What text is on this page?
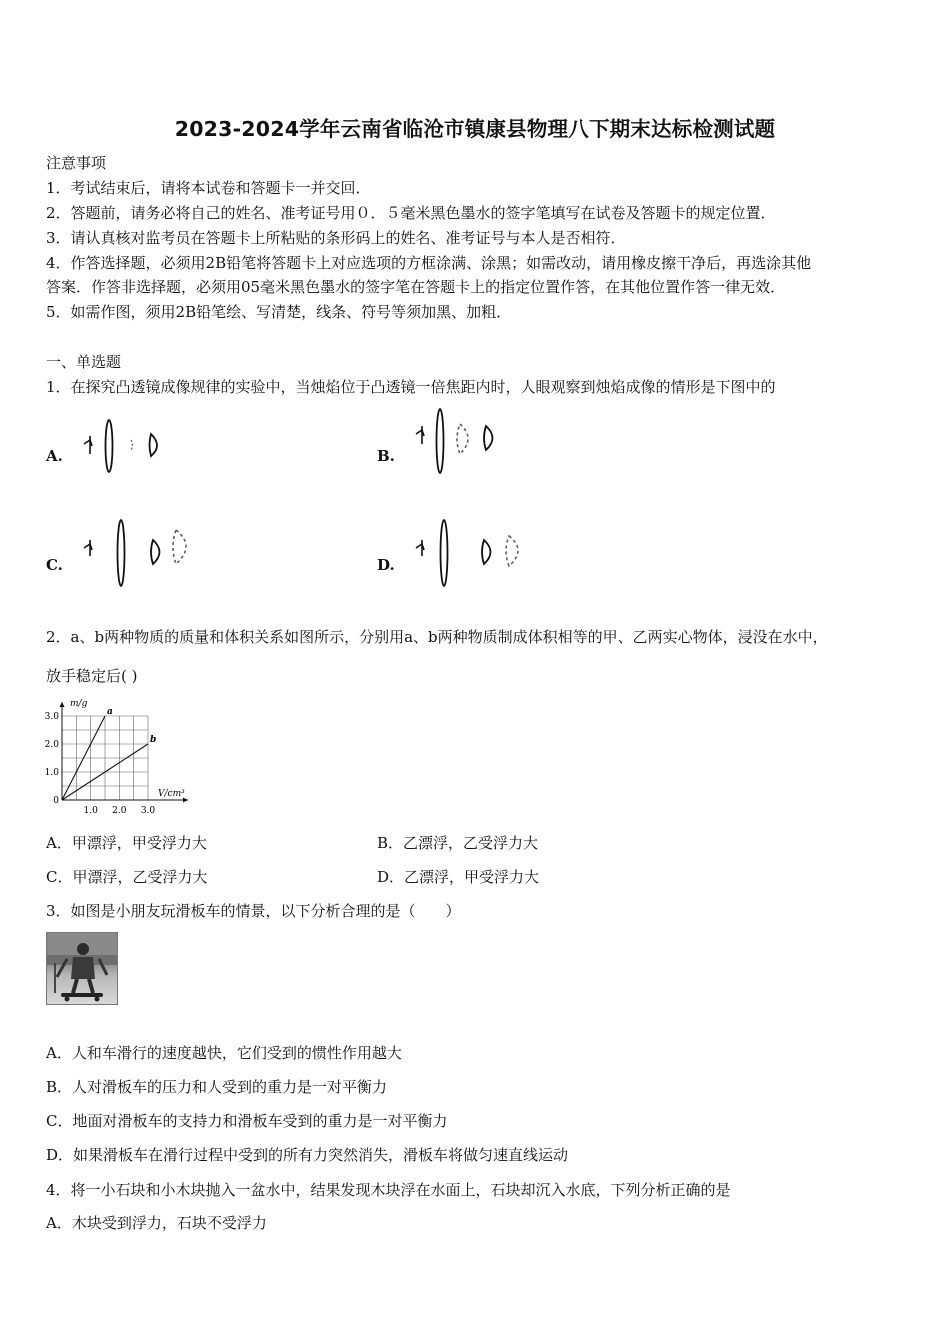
2023-2024学年云南省临沧市镇康县物理八下期末达标检测试题
注意事项
1．考试结束后，请将本试卷和答题卡一并交回．
2．答题前，请务必将自己的姓名、准考证号用０．５毫米黑色墨水的签字笔填写在试卷及答题卡的规定位置．
3．请认真核对监考员在答题卡上所粘贴的条形码上的姓名、准考证号与本人是否相符．
4．作答选择题，必须用2B铅笔将答题卡上对应选项的方框涂满、涂黑；如需改动，请用橡皮擦干净后，再选涂其他
答案．作答非选择题，必须用05毫米黑色墨水的签字笔在答题卡上的指定位置作答，在其他位置作答一律无效．
5．如需作图，须用2B铅笔绘、写清楚，线条、符号等须加黑、加粗．
一、单选题
1．在探究凸透镜成像规律的实验中，当烛焰位于凸透镜一倍焦距内时，人眼观察到烛焰成像的情形是下图中的
A.	B.
C.	D.
2．a、b两种物质的质量和体积关系如图所示，分别用a、b两种物质制成体积相等的甲、乙两实心物体，浸没在水中，
放手稳定后( )
1.0 2.0 3.0
0
1.0
2.0
3.0	a
b
m/g
V/cm³
A．甲漂浮，甲受浮力大	B．乙漂浮，乙受浮力大
C．甲漂浮，乙受浮力大	D．乙漂浮，甲受浮力大
3．如图是小朋友玩滑板车的情景，以下分析合理的是（　　）
A．人和车滑行的速度越快，它们受到的惯性作用越大
B．人对滑板车的压力和人受到的重力是一对平衡力
C．地面对滑板车的支持力和滑板车受到的重力是一对平衡力
D．如果滑板车在滑行过程中受到的所有力突然消失，滑板车将做匀速直线运动
4．将一小石块和小木块抛入一盆水中，结果发现木块浮在水面上，石块却沉入水底，下列分析正确的是
A．木块受到浮力，石块不受浮力
